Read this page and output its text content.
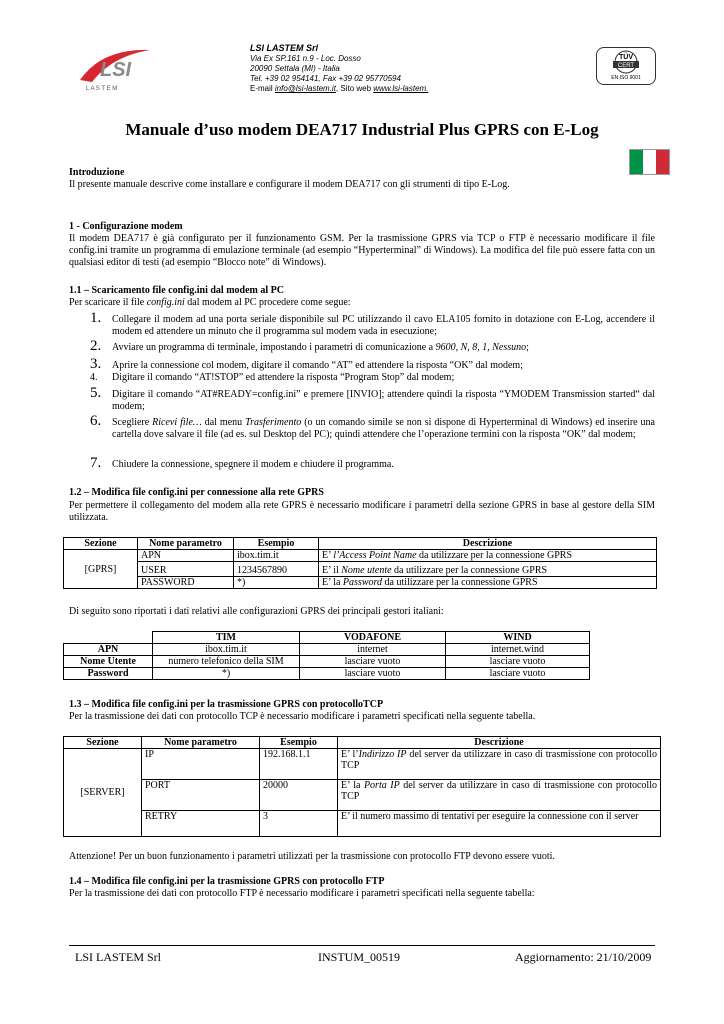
LSI
L A S T E M
LSI LASTEM Srl
Via Ex SP.161 n.9 - Loc. Dosso
20090 Settala (MI) - Italia
Tel. +39 02 954141, Fax +39 02 95770594
E-mail info@lsi-lastem.it, Sito web www.lsi-lastem.
TÜV
CERT
EN ISO 9001
Manuale d’uso modem DEA717 Industrial Plus GPRS con E-Log
Introduzione
Il presente manuale descrive come installare e configurare il modem DEA717 con gli strumenti di tipo E-Log.
1 - Configurazione modem
Il modem DEA717 è già configurato per il funzionamento GSM. Per la trasmissione GPRS via TCP o FTP è necessario modificare il file config.ini tramite un programma di emulazione terminale (ad esempio “Hyperterminal” di Windows). La modifica del file può essere fatta con un qualsiasi editor di testi (ad esempio “Blocco note” di Windows).
1.1 – Scaricamento file config.ini dal modem al PC
Per scaricare il file config.ini dal modem al PC procedere come segue:
1.	Collegare il modem ad una porta seriale disponibile sul PC utilizzando il cavo ELA105 fornito in dotazione con E-Log, accendere il modem ed attendere un minuto che il programma sul modem vada in esecuzione;
2.	Avviare un programma di terminale, impostando i parametri di comunicazione a 9600, N, 8, 1, Nessuno;
3.	Aprire la connessione col modem, digitare il comando “AT” ed attendere la risposta “OK” dal modem;
4.	Digitare il comando “AT!STOP” ed attendere la risposta “Program Stop” dal modem;
5.	Digitare il comando “AT#READY=config.ini” e premere [INVIO]; attendere quindi la risposta “YMODEM Transmission started“ dal modem;
6.	Scegliere Ricevi file… dal menu Trasferimento (o un comando simile se non si dispone di Hyperterminal di Windows) ed inserire una cartella dove salvare il file (ad es. sul Desktop del PC); quindi attendere che l’operazione termini con la risposta “OK” dal modem;
7.	Chiudere la connessione, spegnere il modem e chiudere il programma.
1.2 – Modifica file config.ini per connessione alla rete GPRS
Per permettere il collegamento del modem alla rete GPRS è necessario modificare i parametri della sezione GPRS in base al gestore della SIM utilizzata.
Sezione	Nome parametro	Esempio	Descrizione
[GPRS]	APN	ibox.tim.it	E’ l’Access Point Name da utilizzare per la connessione GPRS
	USER	1234567890	E’ il Nome utente da utilizzare per la connessione GPRS
	PASSWORD	*)	E’ la Password da utilizzare per la connessione GPRS
Di seguito sono riportati i dati relativi alle configurazioni GPRS dei principali gestori italiani:
	TIM	VODAFONE	WIND
APN	ibox.tim.it	internet	internet.wind
Nome Utente	numero telefonico della SIM	lasciare vuoto	lasciare vuoto
Password	*)	lasciare vuoto	lasciare vuoto
1.3 – Modifica file config.ini per la trasmissione GPRS con protocolloTCP
Per la trasmissione dei dati con protocollo TCP è necessario modificare i parametri specificati nella seguente tabella.
Sezione	Nome parametro	Esempio	Descrizione
[SERVER]	IP	192.168.1.1	E’ l’Indirizzo IP del server da utilizzare in caso di trasmissione con protocollo TCP
	PORT	20000	E’ la Porta IP del server da utilizzare in caso di trasmissione con protocollo TCP
	RETRY	3	E’ il numero massimo di tentativi per eseguire la connessione con il server
Attenzione! Per un buon funzionamento i parametri utilizzati per la trasmissione con protocollo FTP devono essere vuoti.
1.4 – Modifica file config.ini per la trasmissione GPRS con protocollo FTP
Per la trasmissione dei dati con protocollo FTP è necessario modificare i parametri specificati nella seguente tabella:
LSI LASTEM Srl	INSTUM_00519	Aggiornamento: 21/10/2009
